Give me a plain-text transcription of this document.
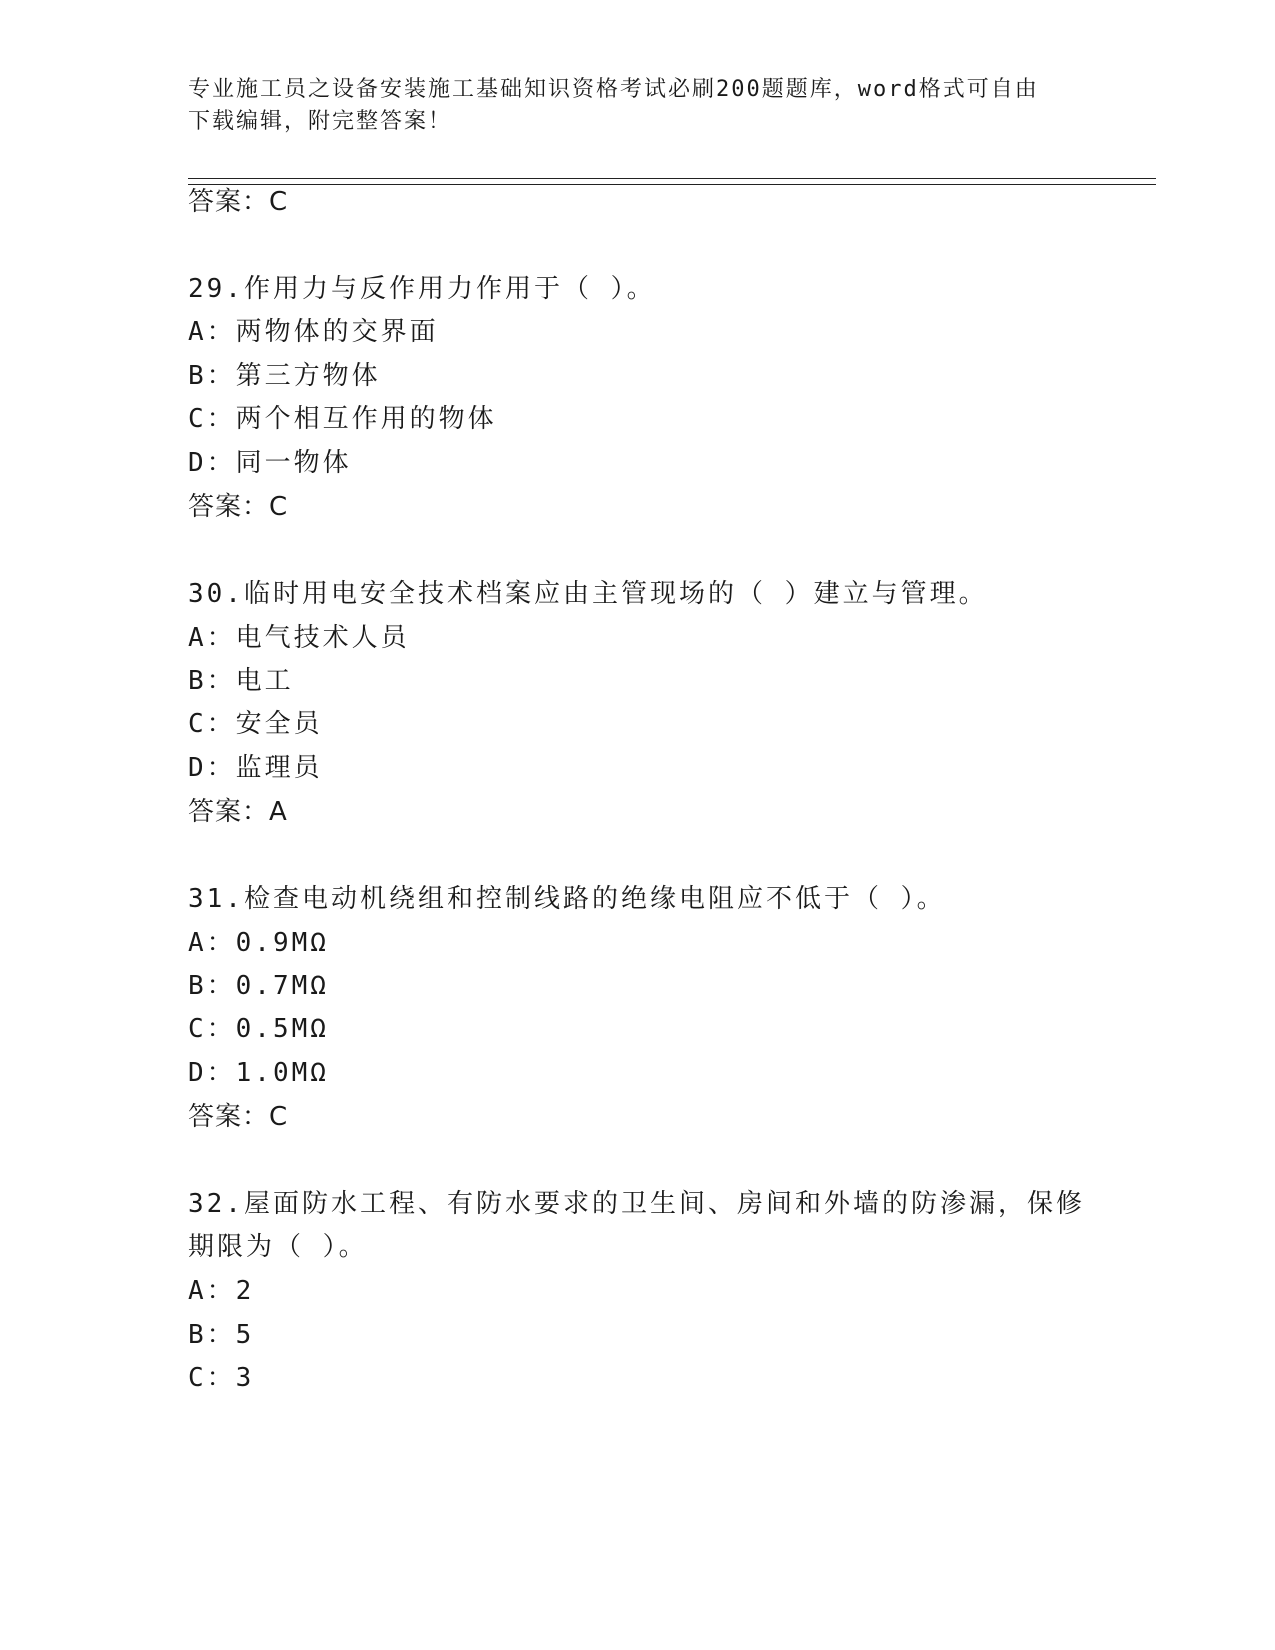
专业施工员之设备安装施工基础知识资格考试必刷200题题库，word格式可自由
下载编辑，附完整答案！
答案：C
29.作用力与反作用力作用于（ ）。
A：两物体的交界面
B：第三方物体
C：两个相互作用的物体
D：同一物体
答案：C
30.临时用电安全技术档案应由主管现场的（ ）建立与管理。
A：电气技术人员
B：电工
C：安全员
D：监理员
答案：A
31.检查电动机绕组和控制线路的绝缘电阻应不低于（ ）。
A：0.9MΩ
B：0.7MΩ
C：0.5MΩ
D：1.0MΩ
答案：C
32.屋面防水工程、有防水要求的卫生间、房间和外墙的防渗漏，保修
期限为（ ）。
A：2
B：5
C：3
